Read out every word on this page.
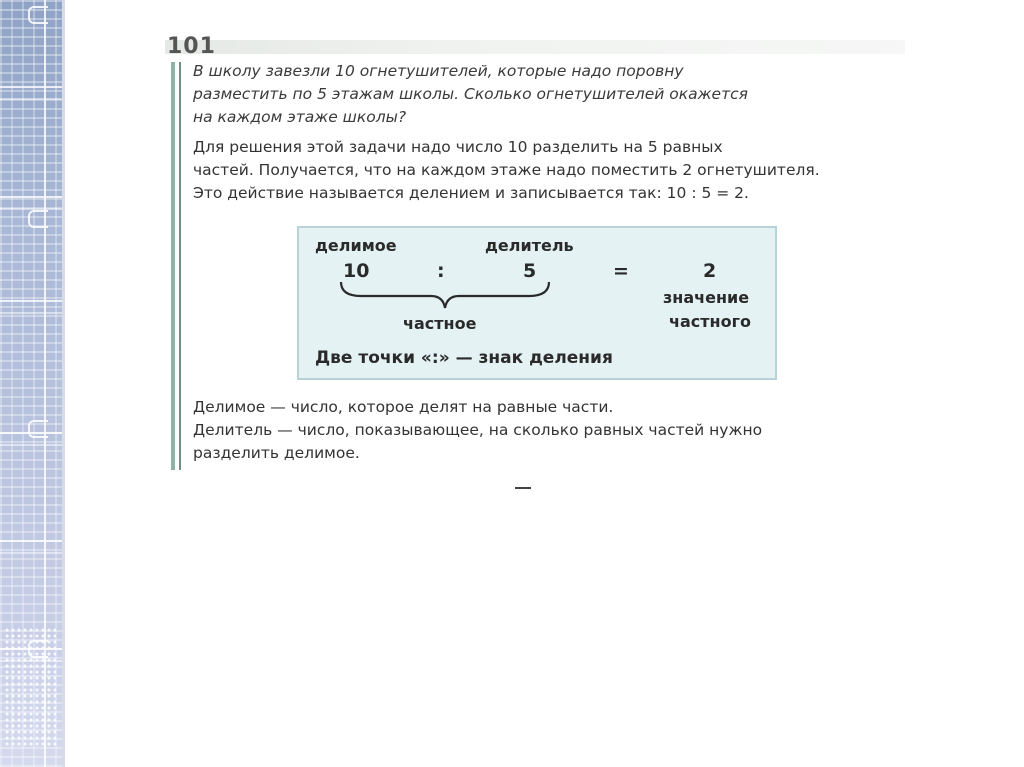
101
В школу завезли 10 огнетушителей, которые надо поровну
разместить по 5 этажам школы. Сколько огнетушителей окажется
на каждом этаже школы?
Для решения этой задачи надо число 10 разделить на 5 равных
частей. Получается, что на каждом этаже надо поместить 2 огнетушителя.
Это действие называется делением и записывается так: 10 : 5 = 2.
делимое	делитель
10	:	5	=	2
частное
значение
частного
Две точки «:» — знак деления
Делимое — число, которое делят на равные части.
Делитель — число, показывающее, на сколько равных частей нужно
разделить делимое.
